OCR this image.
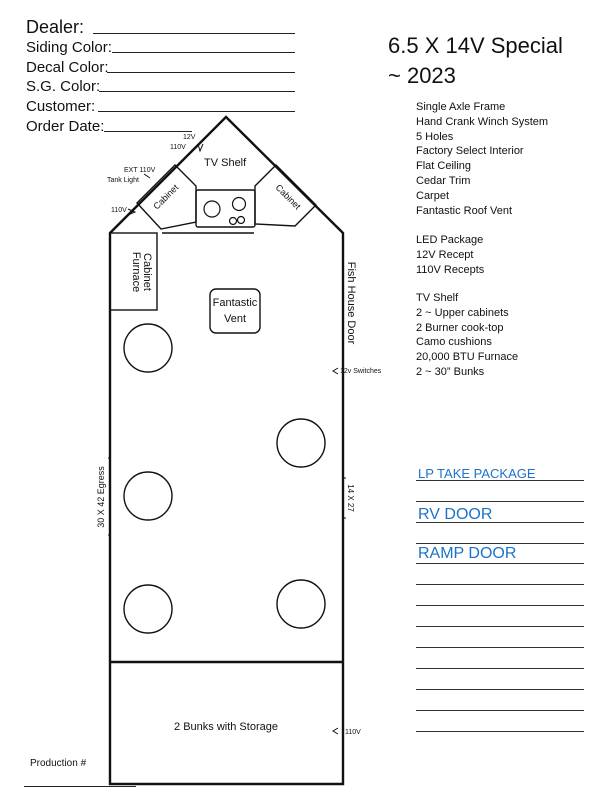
Dealer:
Siding Color:
Decal Color:
S.G. Color:
Customer:
Order Date:
Production #
6.5 X 14V Special
~ 2023
Single Axle Frame
Hand Crank Winch System
5 Holes
Factory Select Interior
Flat Ceiling
Cedar Trim
Carpet
Fantastic Roof Vent
LED Package
12V Recept
110V Recepts
TV Shelf
2 ~ Upper cabinets
2 Burner cook-top
Camo cushions
20,000 BTU Furnace
2 ~ 30” Bunks
LP TAKE PACKAGE
RV DOOR
RAMP DOOR
12V
110V
TV Shelf
EXT 110V
Tank Light
110V	Cabinet	Cabinet
Furnace Cabinet
Fantastic
Vent	Fish House Door
12v Switches
30 X 42 Egress	14 X 27
2 Bunks with Storage	110V
